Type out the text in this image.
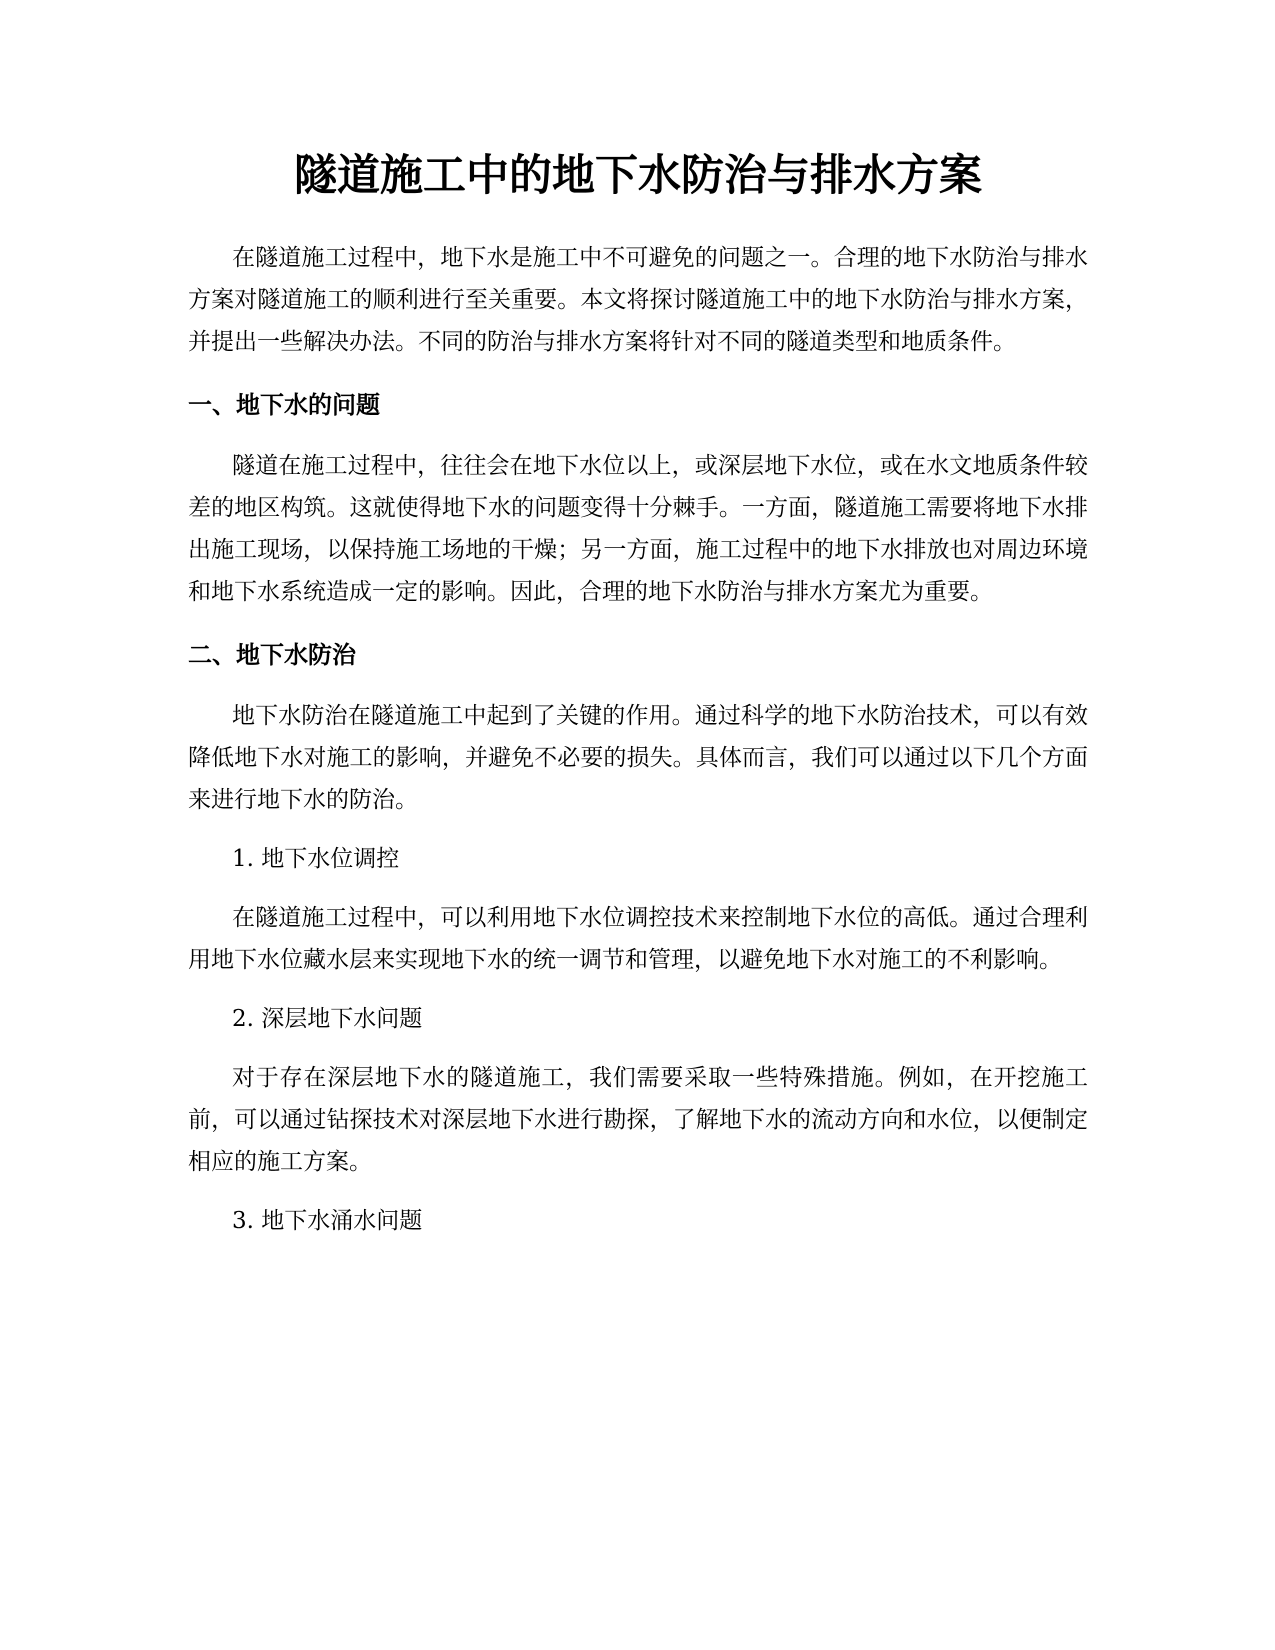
隧道施工中的地下水防治与排水方案

在隧道施工过程中，地下水是施工中不可避免的问题之一。合理的地下水防治与排水方案对隧道施工的顺利进行至关重要。本文将探讨隧道施工中的地下水防治与排水方案，并提出一些解决办法。不同的防治与排水方案将针对不同的隧道类型和地质条件。

一、地下水的问题

隧道在施工过程中，往往会在地下水位以上，或深层地下水位，或在水文地质条件较差的地区构筑。这就使得地下水的问题变得十分棘手。一方面，隧道施工需要将地下水排出施工现场，以保持施工场地的干燥；另一方面，施工过程中的地下水排放也对周边环境和地下水系统造成一定的影响。因此，合理的地下水防治与排水方案尤为重要。

二、地下水防治

地下水防治在隧道施工中起到了关键的作用。通过科学的地下水防治技术，可以有效降低地下水对施工的影响，并避免不必要的损失。具体而言，我们可以通过以下几个方面来进行地下水的防治。

1. 地下水位调控

在隧道施工过程中，可以利用地下水位调控技术来控制地下水位的高低。通过合理利用地下水位藏水层来实现地下水的统一调节和管理，以避免地下水对施工的不利影响。

2. 深层地下水问题

对于存在深层地下水的隧道施工，我们需要采取一些特殊措施。例如，在开挖施工前，可以通过钻探技术对深层地下水进行勘探，了解地下水的流动方向和水位，以便制定相应的施工方案。

3. 地下水涌水问题
